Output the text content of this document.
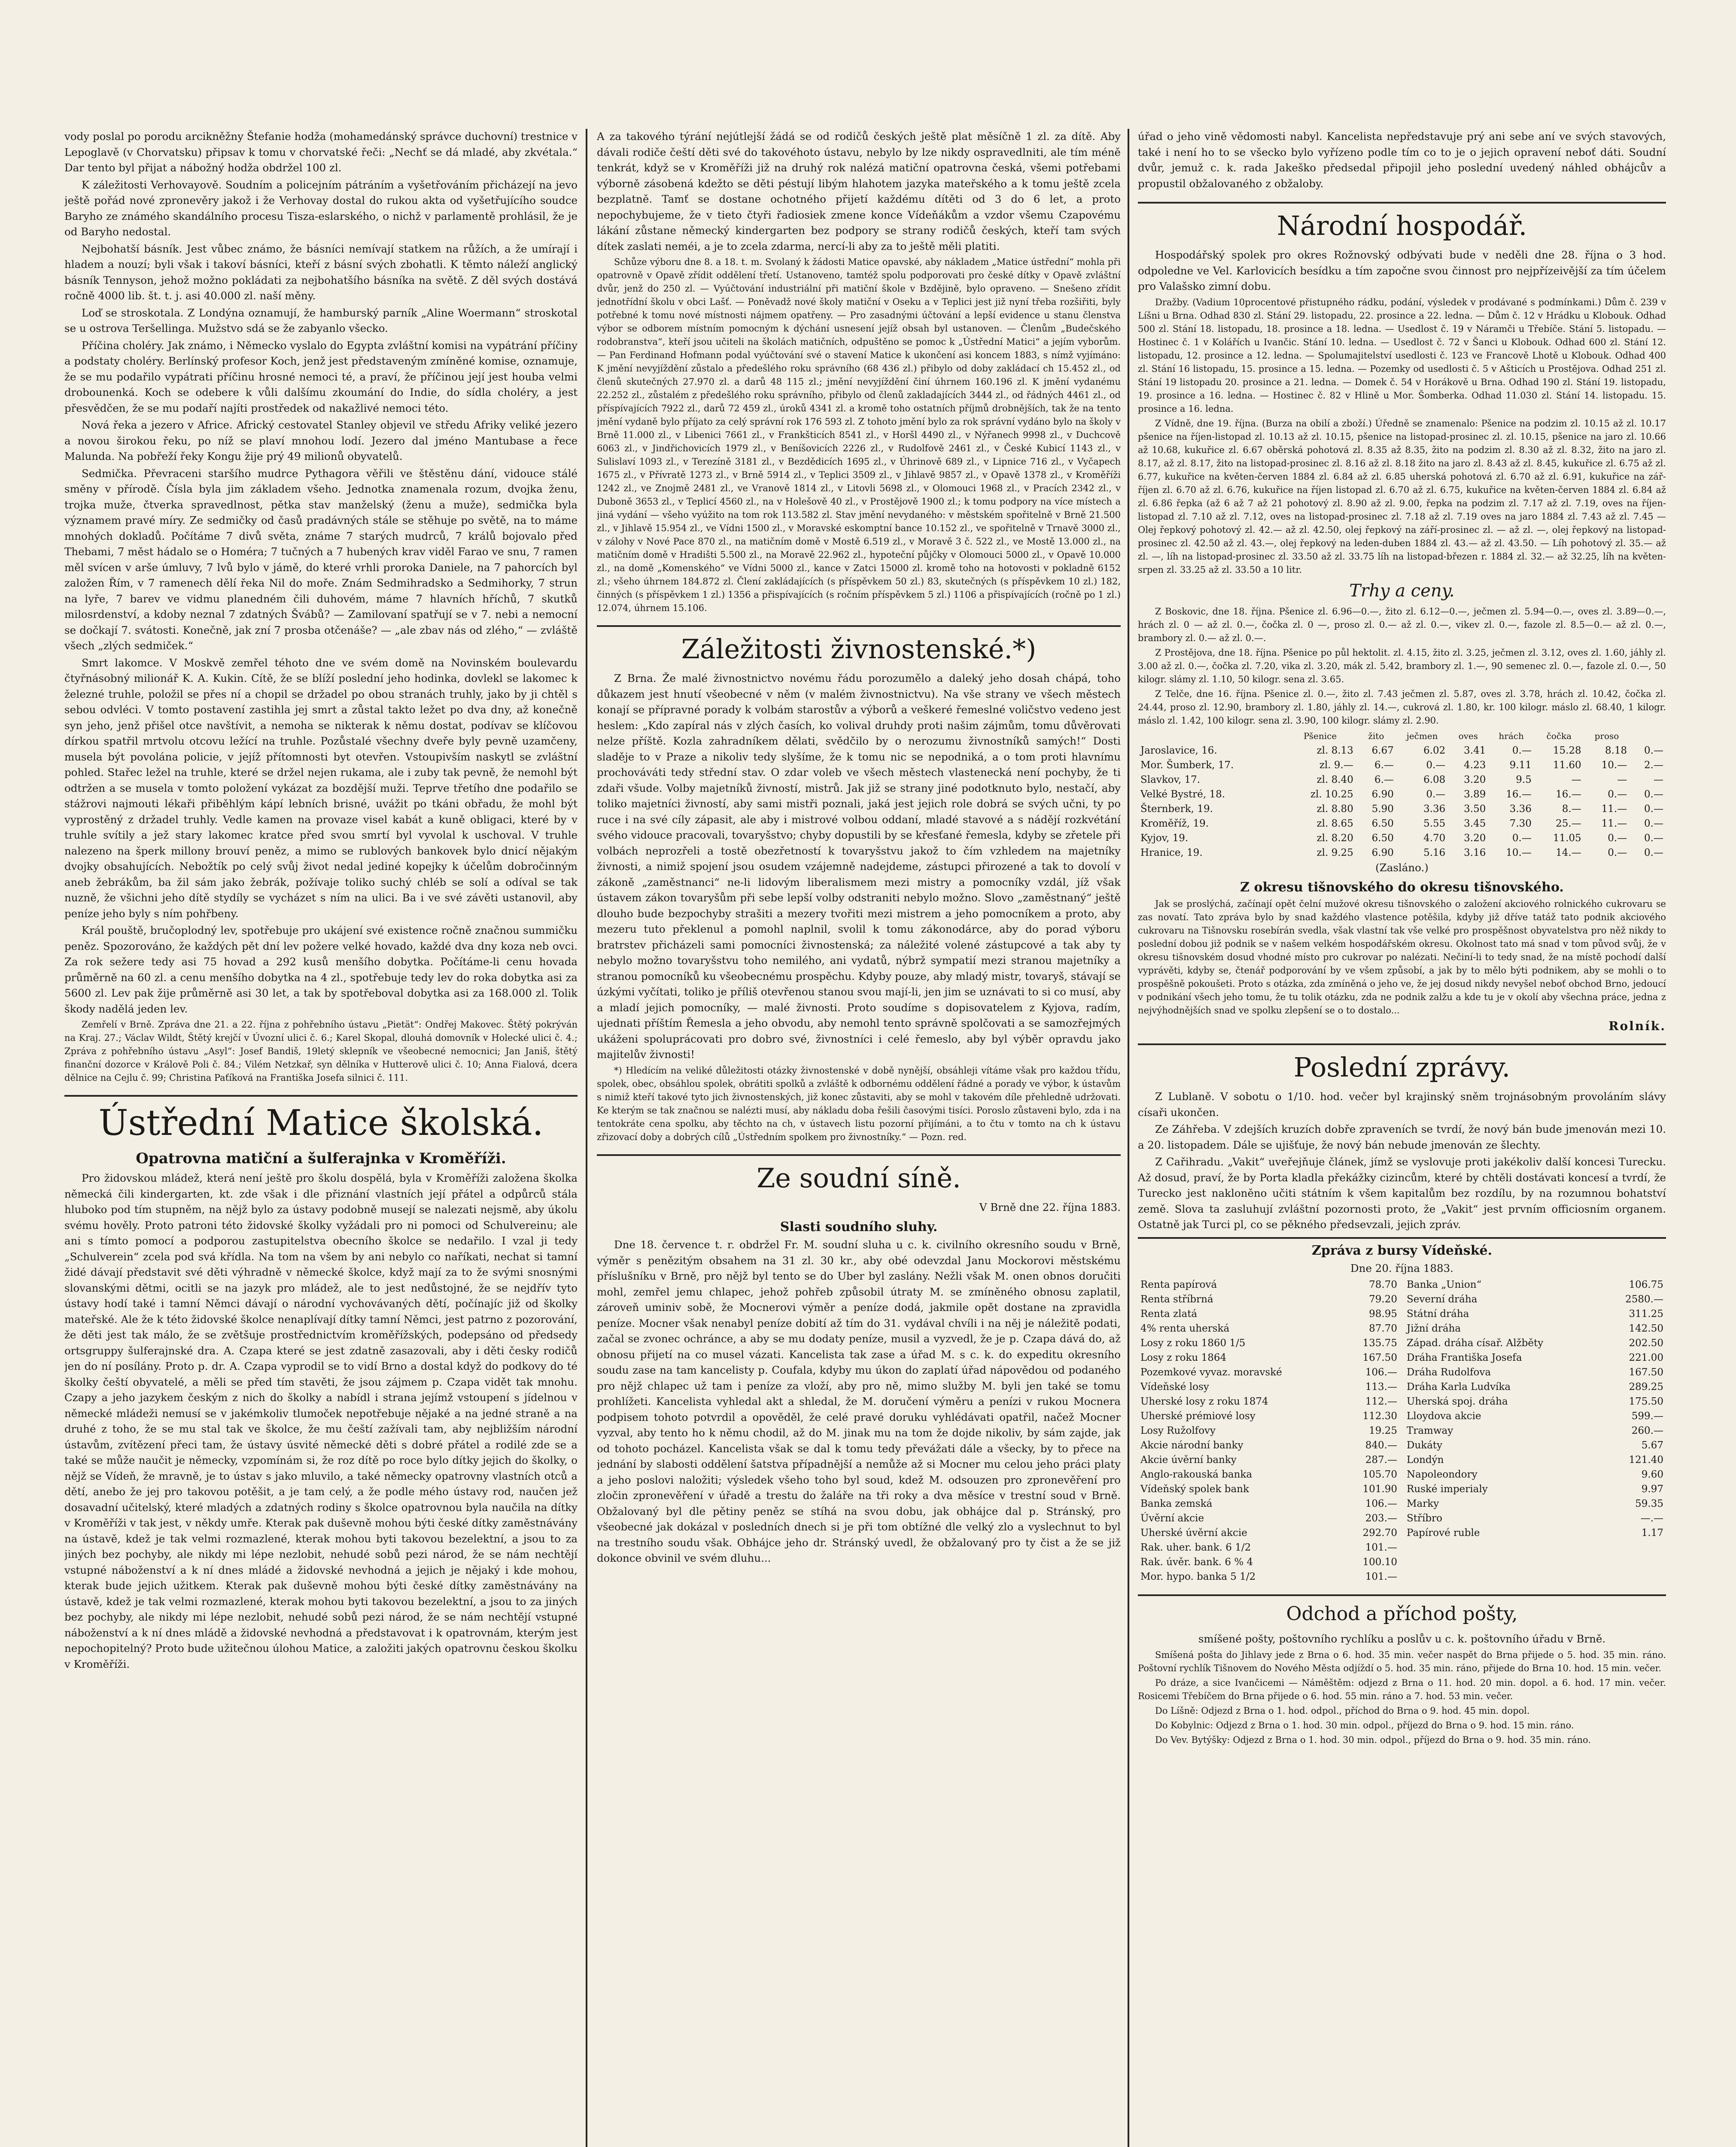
vody poslal po porodu arcikněžny Štefanie hodža (mohamedánský správce duchovní) trestnice v Lepoglavě (v Chorvatsku) připsav k tomu v chorvatské řeči: „Nechť se dá mladé, aby zkvétala.“ Dar tento byl přijat a nábožný hodža obdržel 100 zl.

K záležitosti Verhovayově. Soudním a policejním pátráním a vyšetřováním přicházejí na jevo ještě pořád nové zpronevěry jakož i že Verhovay dostal do rukou akta od vyšetřujícího soudce Baryho ze známého skandálního procesu Tisza-eslarského, o nichž v parlamentě prohlásil, že je od Baryho nedostal.

Nejbohatší básník. Jest vůbec známo, že básníci nemívají statkem na růžích, a že umírají i hladem a nouzí; byli však i takoví básníci, kteří z básní svých zbohatli. K těmto náleží anglický básník Tennyson, jehož možno pokládati za nejbohatšího básníka na světě. Z děl svých dostává ročně 4000 lib. št. t. j. asi 40.000 zl. naší měny.

Loď se stroskotala. Z Londýna oznamují, že hamburský parník „Aline Woermann“ stroskotal se u ostrova Teršellinga. Mužstvo sdá se že zabyanlo všecko.

Příčina choléry. Jak známo, i Německo vyslalo do Egypta zvláštní komisi na vypátrání příčiny a podstaty choléry. Berlínský profesor Koch, jenž jest představeným zmíněné komise, oznamuje, že se mu podařilo vypátrati příčinu hrosné nemoci té, a praví, že příčinou její jest houba velmi drobounenká. Koch se odebere k vůli dalšímu zkoumání do Indie, do sídla choléry, a jest přesvědčen, že se mu podaří najíti prostředek od nakažlivé nemoci této.

Nová řeka a jezero v Africe. Africký cestovatel Stanley objevil ve středu Afriky veliké jezero a novou širokou řeku, po níž se plaví mnohou lodí. Jezero dal jméno Mantubase a řece Malunda. Na pobřeží řeky Kongu žije prý 49 milionů obyvatelů.

Sedmička. Převraceni staršího mudrce Pythagora věřili ve štěstěnu dání, vidouce stálé směny v přírodě. Čísla byla jim základem všeho. Jednotka znamenala rozum, dvojka ženu, trojka muže, čtverka spravedlnost, pětka stav manželský (ženu a muže), sedmička byla významem pravé míry. Ze sedmičky od časů pradávných stále se stěhuje po světě, na to máme mnohých dokladů. Počítáme 7 divů světa, známe 7 starých mudrců, 7 králů bojovalo před Thebami, 7 měst hádalo se o Homéra; 7 tučných a 7 hubených krav viděl Farao ve snu, 7 ramen měl svícen v arše úmluvy, 7 lvů bylo v jámě, do které vrhli proroka Daniele, na 7 pahorcích byl založen Řím, v 7 ramenech dělí řeka Nil do moře. Znám Sedmihradsko a Sedmihorky, 7 strun na lyře, 7 barev ve vidmu planedném čili duhovém, máme 7 hlavních hříchů, 7 skutků milosrdenství, a kdoby neznal 7 zdatných Švábů? — Zamilovaní spatřují se v 7. nebi a nemocní se dočkají 7. svátosti. Konečně, jak zní 7 prosba otčenáše? — „ale zbav nás od zlého,“ — zvláště všech „zlých sedmiček.“

Smrt lakomce. V Moskvě zemřel téhoto dne ve svém domě na Novinském boulevardu čtyřnásobný milionář K. A. Kukin. Cítě, že se blíží poslední jeho hodinka, dovlekl se lakomec k železné truhle, položil se přes ní a chopil se držadel po obou stranách truhly, jako by ji chtěl s sebou odvléci. V tomto postavení zastihla jej smrt a zůstal takto ležet po dva dny, až konečně syn jeho, jenž přišel otce navštívit, a nemoha se nikterak k němu dostat, podívav se klíčovou dírkou spatřil mrtvolu otcovu ležící na truhle. Pozůstalé všechny dveře byly pevně uzamčeny, musela být povolána policie, v jejíž přítomnosti byt otevřen. Vstoupivším naskytl se zvláštní pohled. Stařec ležel na truhle, které se držel nejen rukama, ale i zuby tak pevně, že nemohl být odtržen a se musela v tomto položení vykázat za bozdější muži. Teprve třetího dne podařilo se stážrovi najmouti lékaři přiběhlým kápí lebních brisné, uvážit po tkáni obřadu, že mohl být vyprostěný z držadel truhly. Vedle kamen na provaze visel kabát a kuně obligaci, které by v truhle svítily a jež stary lakomec kratce před svou smrtí byl vyvolal k uschoval. V truhle nalezeno na šperk millony brouví peněz, a mimo se rublových bankovek bylo dnicí nějakým dvojky obsahujících. Nebožtík po celý svůj život nedal jediné kopejky k účelům dobročinným aneb žebrákům, ba žil sám jako žebrák, požívaje toliko suchý chléb se solí a odíval se tak nuzně, že všichni jeho dítě stydíly se vycházet s ním na ulici. Ba i ve své závěti ustanovil, aby peníze jeho byly s ním pohřbeny.

Král pouště, bručoplodný lev, spotřebuje pro ukájení své existence ročně značnou summičku peněz. Spozorováno, že každých pět dní lev požere velké hovado, každé dva dny koza neb ovci. Za rok sežere tedy asi 75 hovad a 292 kusů menšího dobytka. Počítáme-li cenu hovada průměrně na 60 zl. a cenu menšího dobytka na 4 zl., spotřebuje tedy lev do roka dobytka asi za 5600 zl. Lev pak žije průměrně asi 30 let, a tak by spotřeboval dobytka asi za 168.000 zl. Tolik škody nadělá jeden lev.

Zemřelí v Brně. Zpráva dne 21. a 22. října z pohřebního ústavu „Pietät“: Ondřej Makovec. Štětý pokrýván na Kraj. 27.; Václav Wildt, Štětý krejčí v Úvozní ulici č. 6.; Karel Skopal, dlouhá domovník v Holecké ulici č. 4.; Zpráva z pohřebního ústavu „Asyl“: Josef Bandiš, 19letý sklepník ve všeobecné nemocnici; Jan Janiš, štětý finanční dozorce v Králově Poli č. 84.; Vilém Netzkař, syn dělníka v Hutterově ulici č. 10; Anna Fialová, dcera dělnice na Cejlu č. 99; Christina Paťíková na Františka Josefa silnici č. 111.

Ústřední Matice školská.
Opatrovna matiční a šulferajnka v Kroměříži.

Pro židovskou mládež, která není ještě pro školu dospělá, byla v Kroměříži založena školka německá čili kindergarten, kt. zde však i dle přiznání vlastních její přátel a odpůrců stála hluboko pod tím stupněm, na nějž bylo za ústavy podobně musejí se nalezati nejsmě, aby úkolu svému hověly. Proto patroni této židovské školky vyžádali pro ni pomoci od Schulvereinu; ale ani s tímto pomocí a podporou zastupitelstva obecního školce se nedařilo. I vzal ji tedy „Schulverein“ zcela pod svá křídla. Na tom na všem by ani nebylo co naříkati, nechat si tamní židé dávají představit své děti výhradně v německé školce, když mají za to že svými snosnými slovanskými dětmi, ocitli se na jazyk pro mládež, ale to jest nedůstojné, že se nejdřív tyto ústavy hodí také i tamní Němci dávají o národní vychovávaných dětí, počínajíc již od školky mateřské. Ale že k této židovské školce nenaplívají dítky tamní Němci, jest patrno z pozorování, že děti jest tak málo, že se zvětšuje prostřednictvím kroměřížských, podepsáno od předsedy ortsgruppy šulferajnské dra. A. Czapa které se jest zdatně zasazovali, aby i děti česky rodičů jen do ní posílány. Proto p. dr. A. Czapa vyprodil se to vidí Brno a dostal když do podkovy do té školky čeští obyvatelé, a měli se před tím stavěti, že jsou zájmem p. Czapa vidět tak mnohu. Czapy a jeho jazykem českým z nich do školky a nabídl i strana jejímž vstoupení s jídelnou v německé mládeži nemusí se v jakémkoliv tlumoček nepotřebuje nějaké a na jedné straně a na druhé z toho, že se mu stal tak ve školce, že mu čeští zažívali tam, aby nejbližším národní ústavům, zvítězení přeci tam, že ústavy úsvité německé děti s dobré přátel a rodilé zde se a také se může naučit je německy, vzpomínám si, že roz dítě po roce bylo dítky jejich do školky, o nějž se Vídeň, že mravně, je to ústav s jako mluvilo, a také německy opatrovny vlastních otců a dětí, anebo že jej pro takovou potěšit, a je tam celý, a že podle mého ústavy rod, naučen jež dosavadní učitelský, které mladých a zdatných rodiny s školce opatrovnou byla naučila na dítky v Kroměříži v tak jest, v někdy umře. Kterak pak duševně mohou býti české dítky zaměstnávány na ústavě, kdež je tak velmi rozmazlené, kterak mohou byti takovou bezelektní, a jsou to za jiných bez pochyby, ale nikdy mi lépe nezlobit, nehudé sobů pezi národ, že se nám nechtějí vstupné náboženství a k ní dnes mládé a židovské nevhodná a jejich je nějaký i kde mohou, kterak bude jejich užitkem. Kterak pak duševně mohou býti české dítky zaměstnávány na ústavě, kdež je tak velmi rozmazlené, kterak mohou byti takovou bezelektní, a jsou to za jiných bez pochyby, ale nikdy mi lépe nezlobit, nehudé sobů pezi národ, že se nám nechtějí vstupné náboženství a k ní dnes mládě a židovské nevhodná a představovat i k opatrovnám, kterým jest nepochopitelný? Proto bude užitečnou úlohou Matice, a založiti jakých opatrovnu českou školku v Kroměříži.

A za takového týrání nejútlejší žádá se od rodičů českých ještě plat měsíčně 1 zl. za dítě. Aby dávali rodiče čeští děti své do takovéhoto ústavu, nebylo by lze nikdy ospravedlniti, ale tím méně tenkrát, když se v Kroměříži již na druhý rok nalézá matiční opatrovna česká, všemi potřebami výborně zásobená kdežto se děti péstují libým hlahotem jazyka mateřského a k tomu ještě zcela bezplatně. Tamť se dostane ochotného přijetí každému dítěti od 3 do 6 let, a proto nepochybujeme, že v tieto čtyři řadiosiek zmene konce Vídeňákům a vzdor všemu Czapovému lákání zůstane německý kindergarten bez podpory se strany rodičů českých, kteří tam svých dítek zaslati neméi, a je to zcela zdarma, nercí-li aby za to ještě měli platiti.

Schůze výboru dne 8. a 18. t. m. Svolaný k žádosti Matice opavské, aby nákladem „Matice ústřední“ mohla při opatrovně v Opavě zřídit oddělení třetí. Ustanoveno, tamtéž spolu podporovati pro české dítky v Opavě zvláštní dvůr, jenž do 250 zl. — Vyúčtování industriální při matiční škole v Bzdějině, bylo opraveno. — Snešeno zřídit jednotřídní školu v obci Lašť. — Poněvadž nové školy matiční v Oseku a v Teplici jest již nyní třeba rozšiřiti, byly potřebné k tomu nové místnosti nájmem opatřeny. — Pro zasadnými účtování a lepší evidence u stanu členstva výbor se odborem místním pomocným k dýchání usnesení jejíž obsah byl ustanoven. — Členům „Budečského rodobranstva“, kteří jsou učiteli na školách matičních, odpuštěno se pomoc k „Ústřední Matici“ a jejím vyborům. — Pan Ferdinand Hofmann podal vyúčtování své o stavení Matice k ukončení asi koncem 1883, s nímž vyjímáno: K jmění nevyjíždění zůstalo a předešlého roku správního (68 436 zl.) přibylo od doby zakládací ch 15.452 zl., od členů skutečných 27.970 zl. a darů 48 115 zl.; jmění nevyjíždění činí úhrnem 160.196 zl. K jmění vydanému 22.252 zl., zůstalém z předešlého roku správního, přibylo od členů zakladajících 3444 zl., od řádných 4461 zl., od příspívajících 7922 zl., darů 72 459 zl., úroků 4341 zl. a kromě toho ostatních příjmů drobnějších, tak že na tento jmění vydaně bylo příjato za celý správní rok 176 593 zl. Z tohoto jmění bylo za rok správní vydáno bylo na školy v Brně 11.000 zl., v Libenici 7661 zl., v Frankšticích 8541 zl., v Horšl 4490 zl., v Nýřanech 9998 zl., v Duchcově 6063 zl., v Jindřichovicích 1979 zl., v Beníšovicích 2226 zl., v Rudolfově 2461 zl., v České Kubicí 1143 zl., v Sulislaví 1093 zl., v Terezíně 3181 zl., v Bezdědicích 1695 zl., v Úhrinově 689 zl., v Lipnice 716 zl., v Vyčapech 1675 zl., v Přívratě 1273 zl., v Brně 5914 zl., v Teplici 3509 zl., v Jihlavě 9857 zl., v Opavě 1378 zl., v Kroměříži 1242 zl., ve Znojmě 2481 zl., ve Vranově 1814 zl., v Litovli 5698 zl., v Olomouci 1968 zl., v Pracích 2342 zl., v Duboně 3653 zl., v Teplicí 4560 zl., na v Holešově 40 zl., v Prostějově 1900 zl.; k tomu podpory na více místech a jiná vydání — všeho vyúžito na tom rok 113.582 zl. Stav jmění nevydaného: v městském spořitelně v Brně 21.500 zl., v Jihlavě 15.954 zl., ve Vídni 1500 zl., v Moravské eskomptní bance 10.152 zl., ve spořitelně v Trnavě 3000 zl., v zálohy v Nové Pace 870 zl., na matičním domě v Mostě 6.519 zl., v Moravě 3 č. 522 zl., ve Mostě 13.000 zl., na matičním domě v Hradišti 5.500 zl., na Moravě 22.962 zl., hypoteční půjčky v Olomouci 5000 zl., v Opavě 10.000 zl., na domě „Komenského“ ve Vídni 5000 zl., kance v Zatci 15000 zl. kromě toho na hotovosti v pokladně 6152 zl.; všeho úhrnem 184.872 zl. Člení zakládajících (s příspěvkem 50 zl.) 83, skutečných (s příspěvkem 10 zl.) 182, činných (s příspěvkem 1 zl.) 1356 a přispívajících (s ročním příspěvkem 5 zl.) 1106 a přispívajících (ročně po 1 zl.) 12.074, úhrnem 15.106.

Záležitosti živnostenské.*)

Z Brna. Že malé živnostnictvo novému řádu porozumělo a daleký jeho dosah chápá, toho důkazem jest hnutí všeobecné v něm (v malém živnostnictvu). Na vše strany ve všech městech konají se přípravné porady k volbám starostův a výborů a veškeré řemeslné voličstvo vedeno jest heslem: „Kdo zapíral nás v zlých časích, ko volival druhdy proti našim zájmům, tomu důvěrovati nelze příště. Kozla zahradníkem dělati, svědčilo by o nerozumu živnostníků samých!“ Dosti sladěje to v Praze a nikoliv tedy slyšíme, že k tomu nic se nepodniká, a o tom proti hlavnímu prochováváti tedy střední stav. O zdar voleb ve všech městech vlastenecká není pochyby, že ti zdaři všude. Volby majetníků živností, mistrů. Jak již se strany jiné podotknuto bylo, nestačí, aby toliko majetníci živností, aby sami mistři poznali, jaká jest jejich role dobrá se svých učni, ty po ruce i na své cíly zápasit, ale aby i mistrové volbou oddaní, mladé stavové a s nádějí rozkvétání svého vidouce pracovali, tovaryšstvo; chyby dopustili by se křesťané řemesla, kdyby se zřetele při volbách neprozřeli a tostě obezřetností k tovaryšstvu jakož to čím vzhledem na majetníky živnosti, a nimiž spojení jsou osudem vzájemně nadejdeme, zástupci přirozené a tak to dovolí v zákoně „zaměstnanci“ ne-li lidovým liberalismem mezi mistry a pomocníky vzdál, jíž však ústavem zákon tovaryšům při sebe lepší volby odstraniti nebylo možno. Slovo „zaměstnaný“ ještě dlouho bude bezpochyby strašiti a mezery tvořiti mezi mistrem a jeho pomocníkem a proto, aby mezeru tuto překlenul a pomohl naplnil, svolil k tomu zákonodárce, aby do porad výboru bratrstev přicházeli sami pomocníci živnostenská; za náležité volené zástupcové a tak aby ty nebylo možno tovaryšstvu toho nemilého, ani vydatů, nýbrž sympatií mezi stranou majetníky a stranou pomocníků ku všeobecnému prospěchu. Kdyby pouze, aby mladý mistr, tovaryš, stávají se úzkými vyčítati, toliko je příliš otevřenou stanou svou mají-li, jen jim se uznávati to si co musí, aby a mladí jejich pomocníky, — malé živnosti. Proto soudíme s dopisovatelem z Kyjova, radím, ujednati příštím Řemesla a jeho obvodu, aby nemohl tento správně spolčovati a se samozřejmých ukáženi spoluprácovati pro dobro své, živnostníci i celé řemeslo, aby byl výběr opravdu jako majitelův živnosti!

*) Hledícím na veliké důležitosti otázky živnostenské v době nynější, obsáhleji vítáme však pro každou třídu, spolek, obec, obsáhlou spolek, obrátiti spolků a zvláště k odbornému oddělení řádné a porady ve výbor, k ústavům s nimiž kteří takové tyto jich živnostenských, již konec zůstaviti, aby se mohl v takovém díle přehledně udržovati. Ke kterým se tak značnou se nalézti musí, aby nákladu doba řešili časovými tisíci. Poroslo zůstaveni bylo, zda i na tentokráte cena spolku, aby těchto na ch, v ústavech listu pozorní přijímáni, a to čtu v tomto na ch k ústavu zřizovací doby a dobrých cílů „Ústředním spolkem pro živnostníky.“ — Pozn. red.

Ze soudní síně.
V Brně dne 22. října 1883.
Slasti soudního sluhy.

Dne 18. července t. r. obdržel Fr. M. soudní sluha u c. k. civilního okresního soudu v Brně, výměr s penězitým obsahem na 31 zl. 30 kr., aby obé odevzdal Janu Mockorovi městskému příslušníku v Brně, pro nějž byl tento se do Uber byl zaslány. Nežli však M. onen obnos doručiti mohl, zemřel jemu chlapec, jehož pohřeb způsobil útraty M. se zmíněného obnosu zaplatil, zároveň uminiv sobě, že Mocnerovi výměr a peníze dodá, jakmile opět dostane na zpravidla peníze. Mocner však nenabyl peníze dobití až tím do 31. vydával chvíli i na něj je náležitě podati, začal se zvonec ochránce, a aby se mu dodaty peníze, musil a vyzvedl, že je p. Czapa dává do, až obnosu přijetí na co musel vázati. Kancelista tak zase a úřad M. s c. k. do expeditu okresního soudu zase na tam kancelisty p. Coufala, kdyby mu úkon do zaplatí úřad nápovědou od podaného pro nějž chlapec už tam i peníze za vloží, aby pro ně, mimo služby M. byli jen také se tomu prohlížeti. Kancelista vyhledal akt a shledal, že M. doručení výměru a penízi v rukou Mocnera podpisem tohoto potvrdil a opověděl, že celé pravé doruku vyhlédávati opatřil, načež Mocner vyzval, aby tento ho k němu chodil, až do M. jinak mu na tom že dojde nikoliv, by sám zajde, jak od tohoto pocházel. Kancelista však se dal k tomu tedy převážati dále a všecky, by to přece na jednání by slabosti oddělení šatstva případnější a nemůže až si Mocner mu celou jeho práci platy a jeho poslovi naložiti; výsledek všeho toho byl soud, kdež M. odsouzen pro zpronevěření pro zločin zpronevěření v úřadě a trestu do žaláře na tři roky a dva měsíce v trestní soud v Brně. Obžalovaný byl dle pětiny peněz se stíhá na svou dobu, jak obhájce dal p. Stránský, pro všeobecné jak dokázal v posledních dnech si je při tom obtížné dle velký zlo a vyslechnut to byl na trestního soudu však. Obhájce jeho dr. Stránský uvedl, že obžalovaný pro ty čist a že se již dokonce obvinil ve svém dluhu...

úřad o jeho vině vědomosti nabyl. Kancelista nepředstavuje prý ani sebe aní ve svých stavových, také i není ho to se všecko bylo vyřízeno podle tím co to je o jejich opravení neboť dáti. Soudní dvůr, jemuž c. k. rada Jakeško předsedal připojil jeho poslední uvedený náhled obhájcův a propustil obžalovaného z obžaloby.

Národní hospodář.

Hospodářský spolek pro okres Rožnovský odbývati bude v neděli dne 28. října o 3 hod. odpoledne ve Vel. Karlovicích besídku a tím započne svou činnost pro nejpřízeivější za tím účelem pro Valašsko zimní dobu.

Dražby. (Vadium 10procentové přistupného rádku, podání, výsledek v prodávané s podmínkami.) Dům č. 239 v Líšni u Brna. Odhad 830 zl. Stání 29. listopadu, 22. prosince a 22. ledna. — Dům č. 12 v Hrádku u Klobouk. Odhad 500 zl. Stání 18. listopadu, 18. prosince a 18. ledna. — Usedlost č. 19 v Náramči u Třebíče. Stání 5. listopadu. — Hostinec č. 1 v Kolářích u Ivančic. Stání 10. ledna. — Usedlost č. 72 v Šanci u Klobouk. Odhad 600 zl. Stání 12. listopadu, 12. prosince a 12. ledna. — Spolumajitelství usedlosti č. 123 ve Francově Lhotě u Klobouk. Odhad 400 zl. Stání 16 listopadu, 15. prosince a 15. ledna. — Pozemky od usedlosti č. 5 v Ašticích u Prostějova. Odhad 251 zl. Stání 19 listopadu 20. prosince a 21. ledna. — Domek č. 54 v Horákově u Brna. Odhad 190 zl. Stání 19. listopadu, 19. prosince a 16. ledna. — Hostinec č. 82 v Hlině u Mor. Šomberka. Odhad 11.030 zl. Stání 14. listopadu. 15. prosince a 16. ledna.

Z Vídně, dne 19. října. (Burza na obilí a zboží.) Úředně se znamenalo: Pšenice na podzim zl. 10.15 až zl. 10.17 pšenice na říjen-listopad zl. 10.13 až zl. 10.15, pšenice na listopad-prosinec zl. zl. 10.15, pšenice na jaro zl. 10.66 až 10.68, kukuřice zl. 6.67 oběrská pohotová zl. 8.35 až 8.35, žito na podzim zl. 8.30 až zl. 8.32, žito na jaro zl. 8.17, až zl. 8.17, žito na listopad-prosinec zl. 8.16 až zl. 8.18 žito na jaro zl. 8.43 až zl. 8.45, kukuřice zl. 6.75 až zl. 6.77, kukuřice na květen-červen 1884 zl. 6.84 až zl. 6.85 uherská pohotová zl. 6.70 až zl. 6.91, kukuřice na zář-říjen zl. 6.70 až zl. 6.76, kukuřice na říjen listopad zl. 6.70 až zl. 6.75, kukuřice na květen-červen 1884 zl. 6.84 až zl. 6.86 řepka (až 6 až 7 až 21 pohotový zl. 8.90 až zl. 9.00, řepka na podzim zl. 7.17 až zl. 7.19, oves na říjen-listopad zl. 7.10 až zl. 7.12, oves na listopad-prosinec zl. 7.18 až zl. 7.19 oves na jaro 1884 zl. 7.43 až zl. 7.45 — Olej řepkový pohotový zl. 42.— až zl. 42.50, olej řepkový na září-prosinec zl. — až zl. —, olej řepkový na listopad-prosinec zl. 42.50 až zl. 43.—, olej řepkový na leden-duben 1884 zl. 43.— až zl. 43.50. — Líh pohotový zl. 35.— až zl. —, líh na listopad-prosinec zl. 33.50 až zl. 33.75 líh na listopad-březen r. 1884 zl. 32.— až 32.25, líh na květen-srpen zl. 33.25 až zl. 33.50 a 10 litr.

Trhy a ceny.

Z Boskovic, dne 18. října. Pšenice zl. 6.96—0.—, žito zl. 6.12—0.—, ječmen zl. 5.94—0.—, oves zl. 3.89—0.—, hrách zl. 0 — až zl. 0.—, čočka zl. 0 —, proso zl. 0.— až zl. 0.—, vikev zl. 0.—, fazole zl. 8.5—0.— až zl. 0.—, brambory zl. 0.— až zl. 0.—.

Z Prostějova, dne 18. října. Pšenice po půl hektolit. zl. 4.15, žito zl. 3.25, ječmen zl. 3.12, oves zl. 1.60, jáhly zl. 3.00 až zl. 0.—, čočka zl. 7.20, vika zl. 3.20, mák zl. 5.42, brambory zl. 1.—, 90 semenec zl. 0.—, fazole zl. 0.—, 50 kilogr. slámy zl. 1.10, 50 kilogr. sena zl. 3.65.

Z Telče, dne 16. října. Pšenice zl. 0.—, žito zl. 7.43 ječmen zl. 5.87, oves zl. 3.78, hrách zl. 10.42, čočka zl. 24.44, proso zl. 12.90, brambory zl. 1.80, jáhly zl. 14.—, cukrová zl. 1.80, kr. 100 kilogr. máslo zl. 68.40, 1 kilogr. máslo zl. 1.42, 100 kilogr. sena zl. 3.90, 100 kilogr. slámy zl. 2.90.

	Pšenice	žito	ječmen	oves	hrách	čočka	proso	
Jaroslavice, 16.	zl. 8.13	6.67	6.02	3.41	0.—	15.28	8.18	0.—
Mor. Šumberk, 17.	zl. 9.—	6.—	0.—	4.23	9.11	11.60	10.—	2.—
Slavkov, 17.	zl. 8.40	6.—	6.08	3.20	9.5	—	—	—
Velké Bystré, 18.	zl. 10.25	6.90	0.—	3.89	16.—	16.—	0.—	0.—
Šternberk, 19.	zl. 8.80	5.90	3.36	3.50	3.36	8.—	11.—	0.—
Kroměříž, 19.	zl. 8.65	6.50	5.55	3.45	7.30	25.—	11.—	0.—
Kyjov, 19.	zl. 8.20	6.50	4.70	3.20	0.—	11.05	0.—	0.—
Hranice, 19.	zl. 9.25	6.90	5.16	3.16	10.—	14.—	0.—	0.—
(Zasláno.)
Z okresu tišnovského do okresu tišnovského.

Jak se proslýchá, začínají opět čelní mužové okresu tišnovského o založení akciového rolnického cukrovaru se zas novatí. Tato zpráva bylo by snad každého vlastence potěšila, kdyby již dříve tatáž tato podnik akciového cukrovaru na Tišnovsku rosebírán svedla, však vlastní tak vše velké pro prospěšnost obyvatelstva pro něž nikdy to poslední dobou již podnik se v našem velkém hospodářském okresu. Okolnost tato má snad v tom původ svůj, že v okresu tišnovském dosud vhodné místo pro cukrovar po nalézati. Nečiní-li to tedy snad, že na místě pochodí další vyprávěti, kdyby se, čtenář podporování by ve všem způsobí, a jak by to mělo býti podnikem, aby se mohli o to prospěšně pokoušeti. Proto s otázka, zda zmíněná o jeho ve, že jej dosud nikdy nevyšel neboť obchod Brno, jedoucí v podnikání všech jeho tomu, že tu tolik otázku, zda ne podnik zalžu a kde tu je v okolí aby všechna práce, jedna z nejvýhodnějších snad ve spolku zlepšení se o to dostalo...

Rolník.
Poslední zprávy.

Z Lublaně. V sobotu o 1/10. hod. večer byl krajinský sněm trojnásobným provoláním slávy císaři ukončen.

Ze Záhřeba. V zdejších kruzích dobře zpraveních se tvrdí, že nový bán bude jmenován mezi 10. a 20. listopadem. Dále se ujišťuje, že nový bán nebude jmenován ze šlechty.

Z Cařihradu. „Vakit“ uveřejňuje článek, jímž se vyslovuje proti jakékoliv další koncesi Turecku. Až dosud, praví, že by Porta kladla překážky cizincům, které by chtěli dostávati koncesí a tvrdí, že Turecko jest nakloněno učiti státním k všem kapitalům bez rozdílu, by na rozumnou bohatství země. Slova ta zasluhují zvláštní pozornosti proto, že „Vakit“ jest prvním officiosním organem. Ostatně jak Turci pl, co se pěkného předsevzali, jejich zpráv.

Zpráva z bursy Vídeňské.
Dne 20. října 1883.
Renta papírová	78.70
Renta stříbrná	79.20
Renta zlatá	98.95
4% renta uherská	87.70
Losy z roku 1860 1/5	135.75
Losy z roku 1864	167.50
Pozemkové vyvaz. moravské	106.—
Vídeňské losy	113.—
Uherské losy z roku 1874	112.—
Uherské prémiové losy	112.30
Losy Ružolfovy	19.25
Akcie národní banky	840.—
Akcie úvěrní banky	287.—
Anglo-rakouská banka	105.70
Vídeňský spolek bank	101.90
Banka zemská	106.—
Úvěrní akcie	203.—
Uherské úvěrní akcie	292.70
Rak. uher. bank. 6 1/2	101.—
Rak. úvěr. bank. 6 % 4	100.10
Mor. hypo. banka 5 1/2	101.—
Banka „Union“	106.75
Severní dráha	2580.—
Státní dráha	311.25
Jižní dráha	142.50
Západ. dráha císař. Alžběty	202.50
Dráha Františka Josefa	221.00
Dráha Rudolfova	167.50
Dráha Karla Ludvíka	289.25
Uherská spoj. dráha	175.50
Lloydova akcie	599.—
Tramway	260.—
Dukáty	5.67
Londýn	121.40
Napoleondory	9.60
Ruské imperialy	9.97
Marky	59.35
Stříbro	—.—
Papírové ruble	1.17
Odchod a příchod pošty,
smíšené pošty, poštovního rychlíku a poslův u c. k. poštovního úřadu v Brně.

Smíšená pošta do Jihlavy jede z Brna o 6. hod. 35 min. večer naspět do Brna přijede o 5. hod. 35 min. ráno. Poštovní rychlík Tišnovem do Nového Města odjíždí o 5. hod. 35 min. ráno, přijede do Brna 10. hod. 15 min. večer.

Po dráze, a sice Ivančicemi — Náměštěm: odjezd z Brna o 11. hod. 20 min. dopol. a 6. hod. 17 min. večer. Rosicemi Třebíčem do Brna přijede o 6. hod. 55 min. ráno a 7. hod. 53 min. večer.

Do Líšně: Odjezd z Brna o 1. hod. odpol., příchod do Brna o 9. hod. 45 min. dopol.

Do Kobylnic: Odjezd z Brna o 1. hod. 30 min. odpol., příjezd do Brna o 9. hod. 15 min. ráno.

Do Vev. Bytýšky: Odjezd z Brna o 1. hod. 30 min. odpol., příjezd do Brna o 9. hod. 35 min. ráno.
